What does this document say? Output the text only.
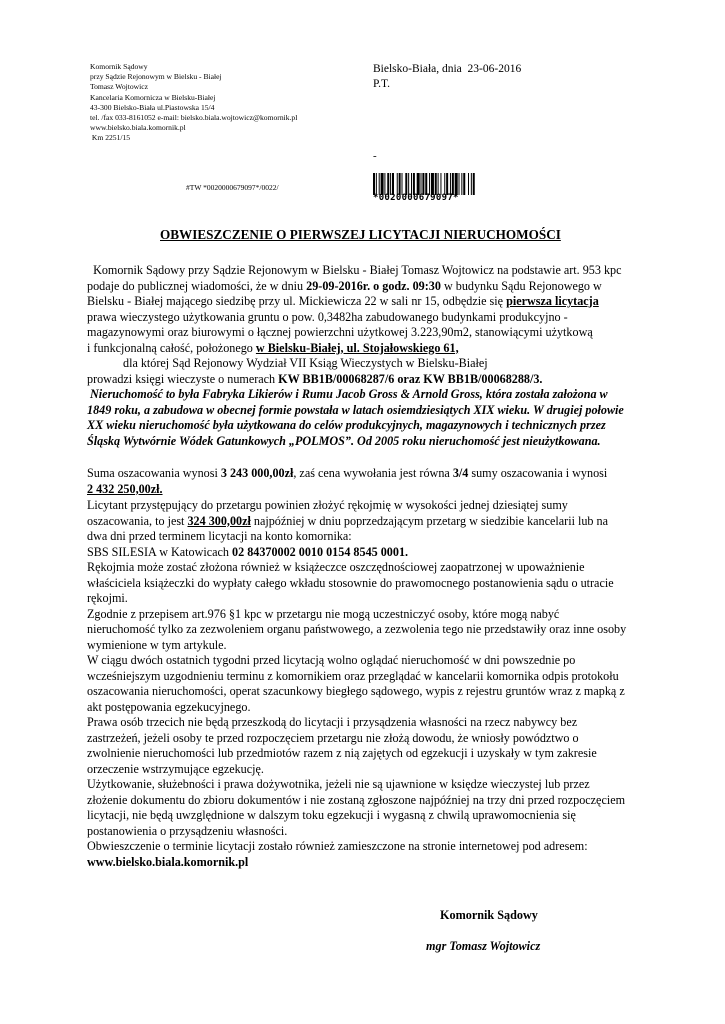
Komornik Sądowy
przy Sądzie Rejonowym w Bielsku - Białej
Tomasz Wojtowicz
Kancelaria Komornicza w Bielsku-Białej
43-300 Bielsko-Biała ul.Piastowska 15/4
tel. /fax 033-8161052 e-mail: bielsko.biala.wojtowicz@komornik.pl
www.bielsko.biala.komornik.pl
Km 2251/15
Bielsko-Biała, dnia  23-06-2016
P.T.
-
#TW *0020000679097*/0022/
*0020000679097*
OBWIESZCZENIE O PIERWSZEJ LICYTACJI NIERUCHOMOŚCI
Komornik Sądowy przy Sądzie Rejonowym w Bielsku - Białej Tomasz Wojtowicz na podstawie art. 953 kpc
podaje do publicznej wiadomości, że w dniu 29-09-2016r. o godz. 09:30 w budynku Sądu Rejonowego w
Bielsku - Białej mającego siedzibę przy ul. Mickiewicza 22 w sali nr 15, odbędzie się pierwsza licytacja
prawa wieczystego użytkowania gruntu o pow. 0,3482ha zabudowanego budynkami produkcyjno -
magazynowymi oraz biurowymi o łącznej powierzchni użytkowej 3.223,90m2, stanowiącymi użytkową
i funkcjonalną całość, położonego w Bielsku-Białej, ul. Stojałowskiego 61,
dla której Sąd Rejonowy Wydział VII Ksiąg Wieczystych w Bielsku-Białej
prowadzi księgi wieczyste o numerach KW BB1B/00068287/6 oraz KW BB1B/00068288/3.
Nieruchomość to była Fabryka Likierów i Rumu Jacob Gross & Arnold Gross, która została założona w
1849 roku, a zabudowa w obecnej formie powstała w latach osiemdziesiątych XIX wieku. W drugiej połowie
XX wieku nieruchomość była użytkowana do celów produkcyjnych, magazynowych i technicznych przez
Śląską Wytwórnie Wódek Gatunkowych „POLMOS”. Od 2005 roku nieruchomość jest nieużytkowana.
Suma oszacowania wynosi 3 243 000,00zł, zaś cena wywołania jest równa 3/4 sumy oszacowania i wynosi
2 432 250,00zł.
Licytant przystępujący do przetargu powinien złożyć rękojmię w wysokości jednej dziesiątej sumy
oszacowania, to jest 324 300,00zł najpóźniej w dniu poprzedzającym przetarg w siedzibie kancelarii lub na
dwa dni przed terminem licytacji na konto komornika:
SBS SILESIA w Katowicach 02 84370002 0010 0154 8545 0001.
Rękojmia może zostać złożona również w książeczce oszczędnościowej zaopatrzonej w upoważnienie
właściciela książeczki do wypłaty całego wkładu stosownie do prawomocnego postanowienia sądu o utracie
rękojmi.
Zgodnie z przepisem art.976 §1 kpc w przetargu nie mogą uczestniczyć osoby, które mogą nabyć
nieruchomość tylko za zezwoleniem organu państwowego, a zezwolenia tego nie przedstawiły oraz inne osoby
wymienione w tym artykule.
W ciągu dwóch ostatnich tygodni przed licytacją wolno oglądać nieruchomość w dni powszednie po
wcześniejszym uzgodnieniu terminu z komornikiem oraz przeglądać w kancelarii komornika odpis protokołu
oszacowania nieruchomości, operat szacunkowy biegłego sądowego, wypis z rejestru gruntów wraz z mapką z
akt postępowania egzekucyjnego.
Prawa osób trzecich nie będą przeszkodą do licytacji i przysądzenia własności na rzecz nabywcy bez
zastrzeżeń, jeżeli osoby te przed rozpoczęciem przetargu nie złożą dowodu, że wniosły powództwo o
zwolnienie nieruchomości lub przedmiotów razem z nią zajętych od egzekucji i uzyskały w tym zakresie
orzeczenie wstrzymujące egzekucję.
Użytkowanie, służebności i prawa dożywotnika, jeżeli nie są ujawnione w księdze wieczystej lub przez
złożenie dokumentu do zbioru dokumentów i nie zostaną zgłoszone najpóźniej na trzy dni przed rozpoczęciem
licytacji, nie będą uwzględnione w dalszym toku egzekucji i wygasną z chwilą uprawomocnienia się
postanowienia o przysądzeniu własności.
Obwieszczenie o terminie licytacji zostało również zamieszczone na stronie internetowej pod adresem:
www.bielsko.biala.komornik.pl
Komornik Sądowy
mgr Tomasz Wojtowicz
